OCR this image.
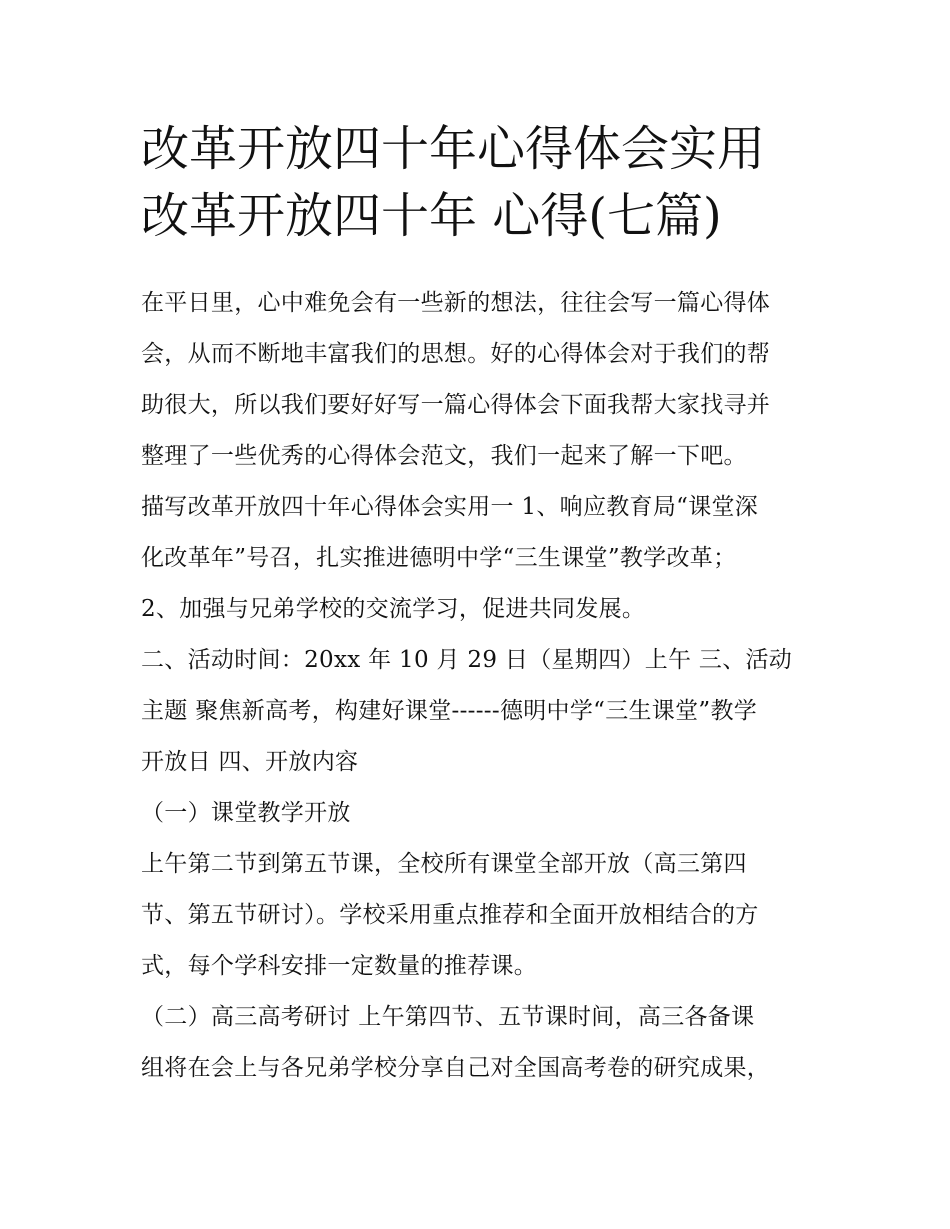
改革开放四十年心得体会实用
改革开放四十年 心得(七篇)
在平日里，心中难免会有一些新的想法，往往会写一篇心得体
会，从而不断地丰富我们的思想。好的心得体会对于我们的帮
助很大，所以我们要好好写一篇心得体会下面我帮大家找寻并
整理了一些优秀的心得体会范文，我们一起来了解一下吧。
描写改革开放四十年心得体会实用一 1、响应教育局“课堂深
化改革年”号召，扎实推进德明中学“三生课堂”教学改革；
2、加强与兄弟学校的交流学习，促进共同发展。
二、活动时间：20xx 年 10 月 29 日（星期四）上午 三、活动
主题 聚焦新高考，构建好课堂------德明中学“三生课堂”教学
开放日 四、开放内容
（一）课堂教学开放
上午第二节到第五节课，全校所有课堂全部开放（高三第四
节、第五节研讨）。学校采用重点推荐和全面开放相结合的方
式，每个学科安排一定数量的推荐课。
（二）高三高考研讨 上午第四节、五节课时间，高三各备课
组将在会上与各兄弟学校分享自己对全国高考卷的研究成果，
